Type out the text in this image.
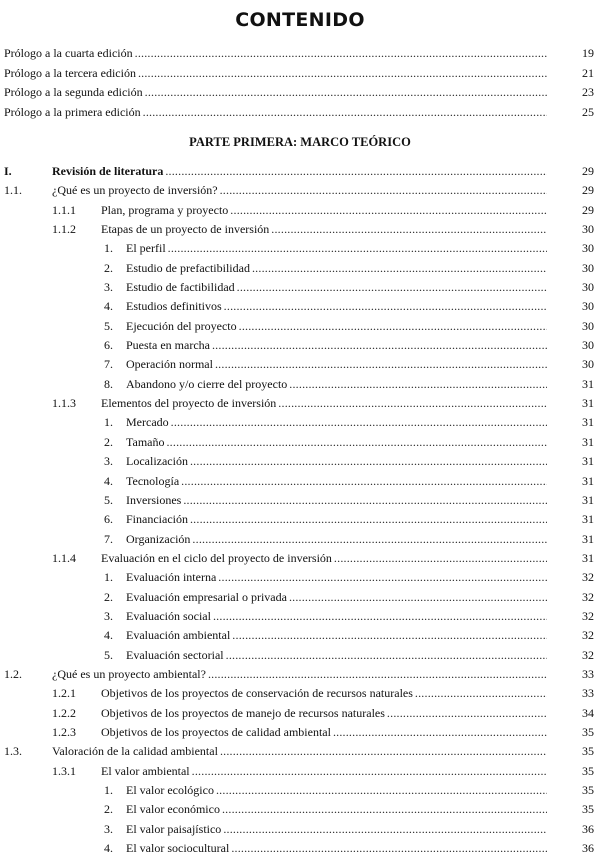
CONTENIDO
Prólogo a la cuarta edición .....	19
Prólogo a la tercera edición .....	21
Prólogo a la segunda edición .....	23
Prólogo a la primera edición .....	25
PARTE PRIMERA: MARCO TEÓRICO
I.	Revisión de literatura .....	29
1.1.	¿Qué es un proyecto de inversión? .....	29
1.1.1 Plan, programa y proyecto .....	29
1.1.2 Etapas de un proyecto de inversión .....	30
1. El perfil .....	30
2. Estudio de prefactibilidad .....	30
3. Estudio de factibilidad .....	30
4. Estudios definitivos .....	30
5. Ejecución del proyecto .....	30
6. Puesta en marcha .....	30
7. Operación normal .....	30
8. Abandono y/o cierre del proyecto .....	31
1.1.3 Elementos del proyecto de inversión .....	31
1. Mercado .....	31
2. Tamaño .....	31
3. Localización .....	31
4. Tecnología .....	31
5. Inversiones .....	31
6. Financiación .....	31
7. Organización .....	31
1.1.4 Evaluación en el ciclo del proyecto de inversión .....	31
1. Evaluación interna .....	32
2. Evaluación empresarial o privada .....	32
3. Evaluación social .....	32
4. Evaluación ambiental .....	32
5. Evaluación sectorial .....	32
1.2.	¿Qué es un proyecto ambiental? .....	33
1.2.1 Objetivos de los proyectos de conservación de recursos naturales .....	33
1.2.2 Objetivos de los proyectos de manejo de recursos naturales .....	34
1.2.3 Objetivos de los proyectos de calidad ambiental .....	35
1.3.	Valoración de la calidad ambiental .....	35
1.3.1 El valor ambiental .....	35
1. El valor ecológico .....	35
2. El valor económico .....	35
3. El valor paisajístico .....	36
4. El valor sociocultural .....	36
